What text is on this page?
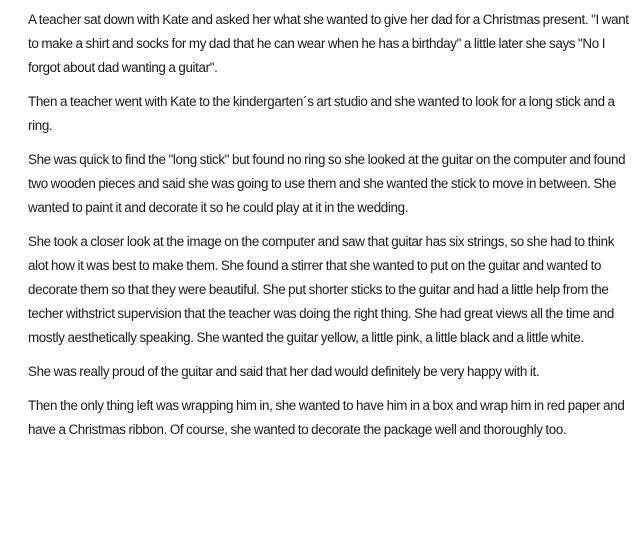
A teacher sat down with Kate and asked her what she wanted to give her dad for a Christmas present. "I want to make a shirt and socks for my dad that he can wear when he has a birthday" a little later she says "No I forgot about dad wanting a guitar".

Then a teacher went with Kate to the kindergarten´s art studio and she wanted to look for a long stick and a ring.

She was quick to find the "long stick" but found no ring so she looked at the guitar on the computer and found two wooden pieces and said she was going to use them and she wanted the stick to move in between. She wanted to paint it and decorate it so he could play at it in the wedding.

She took a closer look at the image on the computer and saw that guitar has six strings, so she had to think alot how it was best to make them. She found a stirrer that she wanted to put on the guitar and wanted to decorate them so that they were beautiful. She put shorter sticks to the guitar and had a little help from the techer withstrict supervision that the teacher was doing the right thing. She had great views all the time and mostly aesthetically speaking. She wanted the guitar yellow, a little pink, a little black and a little white.

She was really proud of the guitar and said that her dad would definitely be very happy with it.

Then the only thing left was wrapping him in, she wanted to have him in a box and wrap him in red paper and have a Christmas ribbon. Of course, she wanted to decorate the package well and thoroughly too.
